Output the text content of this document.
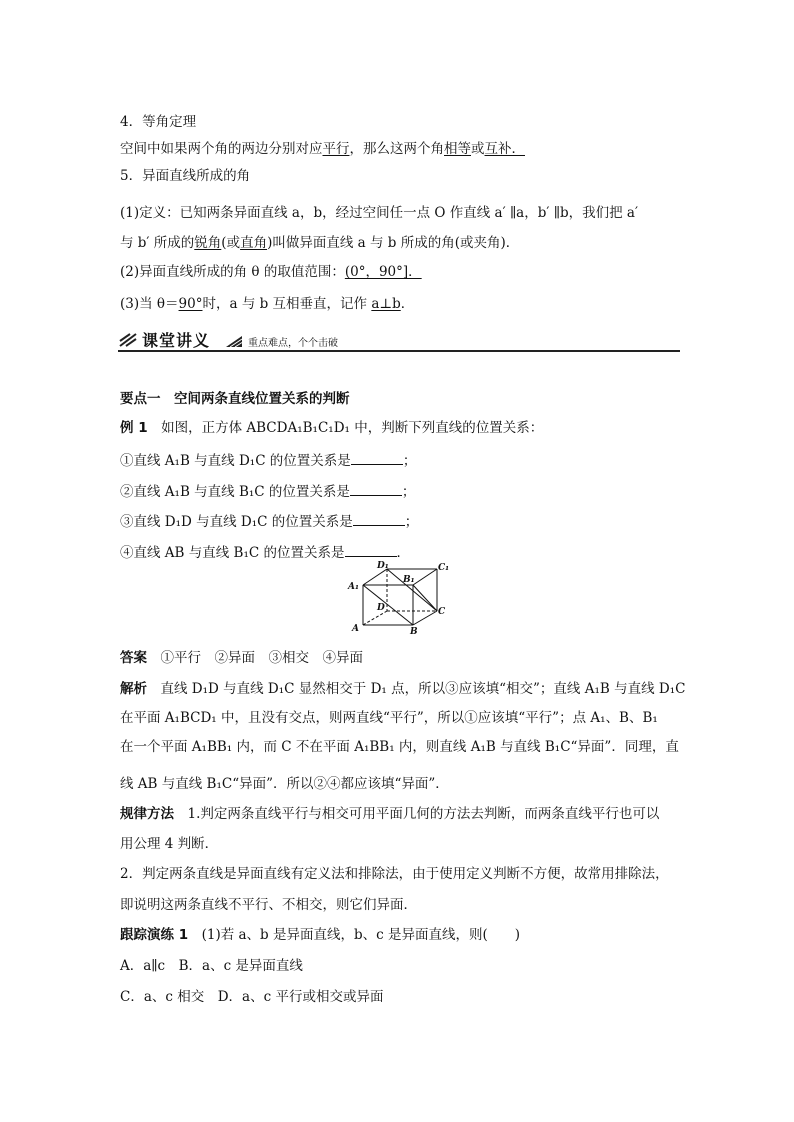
4．等角定理
空间中如果两个角的两边分别对应平行，那么这两个角相等或互补．
5．异面直线所成的角
(1)定义：已知两条异面直线 a，b，经过空间任一点 O 作直线 a′ ∥a，b′ ∥b，我们把 a′
与 b′ 所成的锐角(或直角)叫做异面直线 a 与 b 所成的角(或夹角)．
(2)异面直线所成的角 θ 的取值范围：(0°，90°]．
(3)当 θ＝90°时，a 与 b 互相垂直，记作 a⊥b．
课堂讲义	重点难点，个个击破
要点一　空间两条直线位置关系的判断
例 1　如图，正方体 ABCDA₁B₁C₁D₁ 中，判断下列直线的位置关系：
①直线 A₁B 与直线 D₁C 的位置关系是	；
②直线 A₁B 与直线 B₁C 的位置关系是	；
③直线 D₁D 与直线 D₁C 的位置关系是	；
④直线 AB 与直线 B₁C 的位置关系是	．
D₁	C₁
A₁
B₁
D	C
A	B
答案　①平行　②异面　③相交　④异面
解析　直线 D₁D 与直线 D₁C 显然相交于 D₁ 点，所以③应该填“相交”；直线 A₁B 与直线 D₁C
在平面 A₁BCD₁ 中，且没有交点，则两直线“平行”，所以①应该填“平行”；点 A₁、B、B₁
在一个平面 A₁BB₁ 内，而 C 不在平面 A₁BB₁ 内，则直线 A₁B 与直线 B₁C“异面”．同理，直
线 AB 与直线 B₁C“异面”．所以②④都应该填“异面”．
规律方法　1.判定两条直线平行与相交可用平面几何的方法去判断，而两条直线平行也可以
用公理 4 判断．
2．判定两条直线是异面直线有定义法和排除法，由于使用定义判断不方便，故常用排除法，
即说明这两条直线不平行、不相交，则它们异面．
跟踪演练 1　(1)若 a、b 是异面直线，b、c 是异面直线，则(　　)
A．a∥c　B．a、c 是异面直线
C．a、c 相交　D．a、c 平行或相交或异面
